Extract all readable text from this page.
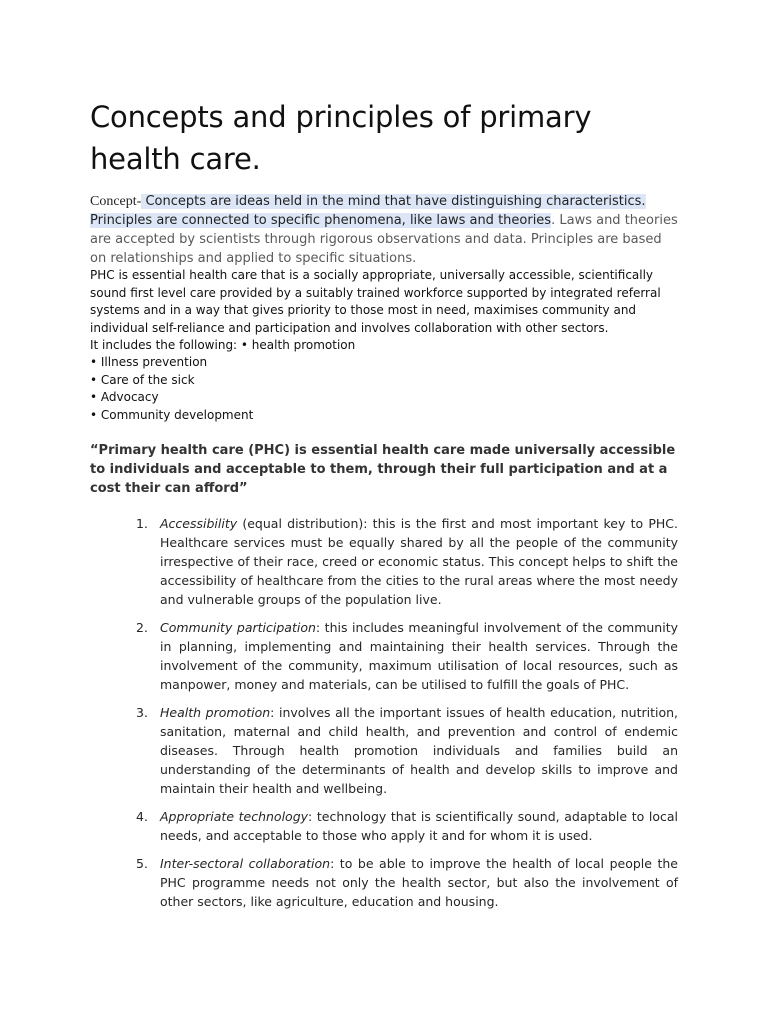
Concepts and principles of primary health care.

Concept- Concepts are ideas held in the mind that have distinguishing characteristics. Principles are connected to specific phenomena, like laws and theories. Laws and theories are accepted by scientists through rigorous observations and data. Principles are based on relationships and applied to specific situations.

PHC is essential health care that is a socially appropriate, universally accessible, scientifically sound first level care provided by a suitably trained workforce supported by integrated referral systems and in a way that gives priority to those most in need, maximises community and individual self-reliance and participation and involves collaboration with other sectors.

It includes the following: • health promotion

• Illness prevention

• Care of the sick

• Advocacy

• Community development

“Primary health care (PHC) is essential health care made universally accessible to individuals and acceptable to them, through their full participation and at a cost their can afford”

1. Accessibility (equal distribution): this is the first and most important key to PHC. Healthcare services must be equally shared by all the people of the community irrespective of their race, creed or economic status. This concept helps to shift the accessibility of healthcare from the cities to the rural areas where the most needy and vulnerable groups of the population live.
2. Community participation: this includes meaningful involvement of the community in planning, implementing and maintaining their health services. Through the involvement of the community, maximum utilisation of local resources, such as manpower, money and materials, can be utilised to fulfill the goals of PHC.
3. Health promotion: involves all the important issues of health education, nutrition, sanitation, maternal and child health, and prevention and control of endemic diseases. Through health promotion individuals and families build an understanding of the determinants of health and develop skills to improve and maintain their health and wellbeing.
4. Appropriate technology: technology that is scientifically sound, adaptable to local needs, and acceptable to those who apply it and for whom it is used.
5. Inter-sectoral collaboration: to be able to improve the health of local people the PHC programme needs not only the health sector, but also the involvement of other sectors, like agriculture, education and housing.
